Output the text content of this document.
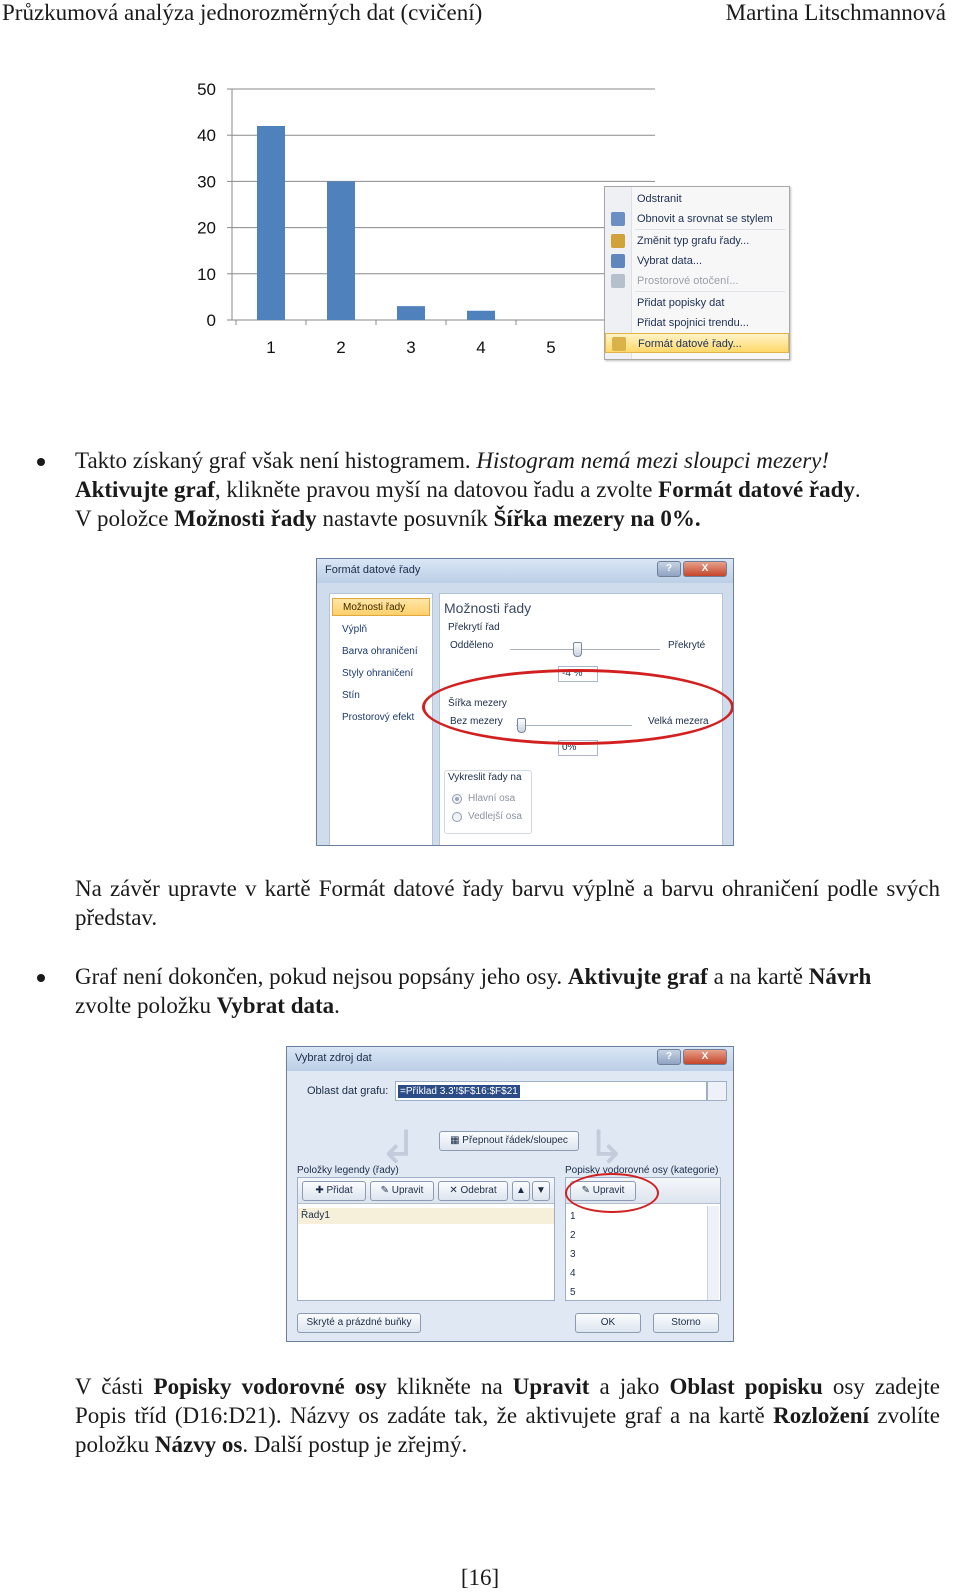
Průzkumová analýza jednorozměrných dat (cvičení)	Martina Litschmannová
0
10
20
30
40
50
1	2	3	4	5
Odstranit
Obnovit a srovnat se stylem
Změnit typ grafu řady...
Vybrat data...
Prostorové otočení...
Přidat popisky dat
Přidat spojnici trendu...
Formát datové řady...
Takto získaný graf však není histogramem. Histogram nemá mezi sloupci mezery!
Aktivujte graf, klikněte pravou myší na datovou řadu a zvolte Formát datové řady.
V položce Možnosti řady nastavte posuvník Šířka mezery na 0%.
Formát datové řady	?	X
Možnosti řady
Výplň
Barva ohraničení
Styly ohraničení
Stín
Prostorový efekt
Možnosti řady
Překrytí řad
Odděleno	Překryté
-4 %
Šířka mezery
Bez mezery	Velká mezera
0%
Vykreslit řady na
Hlavní osa
Vedlejší osa
Na závěr upravte v kartě Formát datové řady barvu výplně a barvu ohraničení podle svých představ.
Graf není dokončen, pokud nejsou popsány jeho osy. Aktivujte graf a na kartě Návrh
zvolte položku Vybrat data.
Vybrat zdroj dat	?	X
Oblast dat grafu: =Příklad 3.3'!$F$16:$F$21
↲	↳
▦ Přepnout řádek/sloupec
Položky legendy (řady)
✚ Přidat	✎ Upravit	✕ Odebrat	▲	▼
Řady1
Popisky vodorovné osy (kategorie)
✎ Upravit
1
2
3
4
5
Skryté a prázdné buňky	OK	Storno
V části Popisky vodorovné osy klikněte na Upravit a jako Oblast popisku osy zadejte Popis tříd (D16:D21). Názvy os zadáte tak, že aktivujete graf a na kartě Rozložení zvolíte položku Názvy os. Další postup je zřejmý.
[16]
